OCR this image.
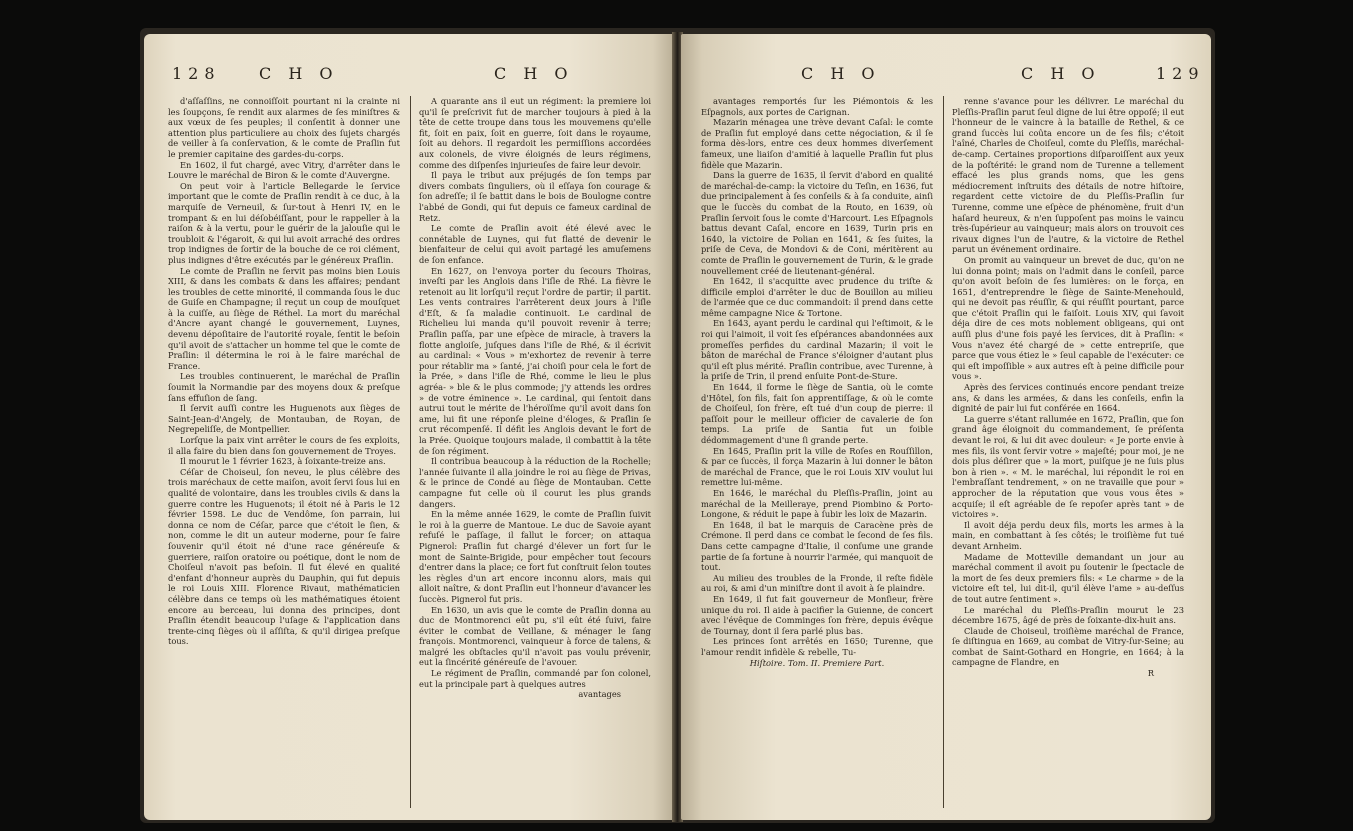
128 C H O	C H O

d'aſſaſſins, ne connoiſſoit pourtant ni la crainte ni les ſoupçons, ſe rendit aux alarmes de ſes miniſtres & aux vœux de ſes peuples; il conſentit à donner une attention plus particuliere au choix des ſujets chargés de veiller à ſa conſervation, & le comte de Praſlin fut le premier capitaine des gardes-du-corps.

En 1602, il fut chargé, avec Vitry, d'arrêter dans le Louvre le maréchal de Biron & le comte d'Auvergne.

On peut voir à l'article Bellegarde le ſervice important que le comte de Praſlin rendit à ce duc, à la marquiſe de Verneuil, & ſur-tout à Henri IV, en le trompant & en lui déſobéiſſant, pour le rappeller à la raiſon & à la vertu, pour le guérir de la jalouſie qui le troubloit & l'égaroit, & qui lui avoit arraché des ordres trop indignes de ſortir de la bouche de ce roi clément, plus indignes d'être exécutés par le généreux Praſlin.

Le comte de Praſlin ne ſervit pas moins bien Louis XIII, & dans les combats & dans les affaires; pendant les troubles de cette minorité, il commanda ſous le duc de Guiſe en Champagne; il reçut un coup de mouſquet à la cuiſſe, au ſiège de Réthel. La mort du maréchal d'Ancre ayant changé le gouvernement, Luynes, devenu dépoſitaire de l'autorité royale, ſentit le beſoin qu'il avoit de s'attacher un homme tel que le comte de Praſlin: il détermina le roi à le faire maréchal de France.

Les troubles continuerent, le maréchal de Praſlin ſoumit la Normandie par des moyens doux & preſque ſans effuſion de ſang.

Il ſervit auſſi contre les Huguenots aux ſièges de Saint-Jean-d'Angely, de Montauban, de Royan, de Negrepeliſſe, de Montpellier.

Lorſque la paix vint arrêter le cours de ſes exploits, il alla faire du bien dans ſon gouvernement de Troyes.

Il mourut le 1 février 1623, à ſoixante-treize ans.

Céſar de Choiseul, ſon neveu, le plus célèbre des trois maréchaux de cette maiſon, avoit ſervi ſous lui en qualité de volontaire, dans les troubles civils & dans la guerre contre les Huguenots; il étoit né à Paris le 12 février 1598. Le duc de Vendôme, ſon parrain, lui donna ce nom de Céſar, parce que c'étoit le ſien, & non, comme le dit un auteur moderne, pour ſe faire ſouvenir qu'il étoit né d'une race généreuſe & guerriere, raiſon oratoire ou poétique, dont le nom de Choiſeul n'avoit pas beſoin. Il fut élevé en qualité d'enfant d'honneur auprès du Dauphin, qui fut depuis le roi Louis XIII. Florence Rivaut, mathématicien célèbre dans ce temps où les mathématiques étoient encore au berceau, lui donna des principes, dont Praſlin étendit beaucoup l'uſage & l'application dans trente-cinq ſièges où il aſſiſta, & qu'il dirigea preſque tous.

A quarante ans il eut un régiment: la premiere loi qu'il ſe preſcrivit fut de marcher toujours à pied à la tête de cette troupe dans tous les mouvemens qu'elle fit, ſoit en paix, ſoit en guerre, ſoit dans le royaume, ſoit au dehors. Il regardoit les permiſſions accordées aux colonels, de vivre éloignés de leurs régimens, comme des diſpenſes injurieuſes de faire leur devoir.

Il paya le tribut aux préjugés de ſon temps par divers combats ſinguliers, où il eſſaya ſon courage & ſon adreſſe; il ſe battit dans le bois de Boulogne contre l'abbé de Gondi, qui fut depuis ce fameux cardinal de Retz.

Le comte de Praſlin avoit été élevé avec le connétable de Luynes, qui fut flatté de devenir le bienfaiteur de celui qui avoit partagé les amuſemens de ſon enfance.

En 1627, on l'envoya porter du ſecours Thoiras, inveſti par les Anglois dans l'iſle de Rhé. La fièvre le retenoit au lit lorſqu'il reçut l'ordre de partir; il partit. Les vents contraires l'arrêterent deux jours à l'iſle d'Eſt, & ſa maladie continuoit. Le cardinal de Richelieu lui manda qu'il pouvoit revenir à terre; Praſlin paſſa, par une eſpèce de miracle, à travers la flotte angloiſe, juſques dans l'iſle de Rhé, & il écrivit au cardinal: « Vous » m'exhortez de revenir à terre pour rétablir ma » ſanté, j'ai choiſi pour cela le fort de la Prée, » dans l'iſle de Rhé, comme le lieu le plus agréa- » ble & le plus commode; j'y attends les ordres » de votre éminence ». Le cardinal, qui ſentoit dans autrui tout le mérite de l'héroïſme qu'il avoit dans ſon ame, lui fit une réponſe pleine d'éloges, & Praſlin ſe crut récompenſé. Il défit les Anglois devant le fort de la Prée. Quoique toujours malade, il combattit à la tête de ſon régiment.

Il contribua beaucoup à la réduction de la Rochelle; l'année ſuivante il alla joindre le roi au ſiège de Privas, & le prince de Condé au ſiège de Montauban. Cette campagne fut celle où il courut les plus grands dangers.

En la même année 1629, le comte de Praſlin ſuivit le roi à la guerre de Mantoue. Le duc de Savoie ayant refuſé le paſſage, il fallut le forcer; on attaqua Pignerol: Praſlin fut chargé d'élever un fort ſur le mont de Sainte-Brigide, pour empêcher tout ſecours d'entrer dans la place; ce fort fut conſtruit ſelon toutes les règles d'un art encore inconnu alors, mais qui alloit naître, & dont Praſlin eut l'honneur d'avancer les ſuccès. Pignerol fut pris.

En 1630, un avis que le comte de Praſlin donna au duc de Montmorenci eût pu, s'il eût été ſuivi, faire éviter le combat de Veillane, & ménager le ſang françois. Montmorenci, vainqueur à force de talens, & malgré les obſtacles qu'il n'avoit pas voulu prévenir, eut la ſincérité généreuſe de l'avouer.

Le régiment de Praſlin, commandé par ſon colonel, eut la principale part à quelques autres

avantages

C H O	C H O	129

avantages remportés ſur les Piémontois & les Eſpagnols, aux portes de Carignan.

Mazarin ménagea une trève devant Caſal: le comte de Praſlin fut employé dans cette négociation, & il ſe forma dès-lors, entre ces deux hommes diverſement fameux, une liaiſon d'amitié à laquelle Praſlin fut plus fidèle que Mazarin.

Dans la guerre de 1635, il ſervit d'abord en qualité de maréchal-de-camp: la victoire du Teſin, en 1636, fut due principalement à ſes conſeils & à ſa conduite, ainſi que le ſuccès du combat de la Routo, en 1639, où Praſlin ſervoit ſous le comte d'Harcourt. Les Eſpagnols battus devant Caſal, encore en 1639, Turin pris en 1640, la victoire de Polian en 1641, & ſes ſuites, la priſe de Ceva, de Mondovi & de Coni, méritèrent au comte de Praſlin le gouvernement de Turin, & le grade nouvellement créé de lieutenant-général.

En 1642, il s'acquitte avec prudence du triſte & difficile emploi d'arrêter le duc de Bouillon au milieu de l'armée que ce duc commandoit: il prend dans cette même campagne Nice & Tortone.

En 1643, ayant perdu le cardinal qui l'eſtimoit, & le roi qui l'aimoit, il voit ſes eſpérances abandonnées aux promeſſes perfides du cardinal Mazarin; il voit le bâton de maréchal de France s'éloigner d'autant plus qu'il eſt plus mérité. Praſlin contribue, avec Turenne, à la priſe de Trin, il prend enſuite Pont-de-Sture.

En 1644, il forme le ſiège de Santia, où le comte d'Hôtel, ſon fils, fait ſon apprentiſſage, & où le comte de Choiſeul, ſon frère, eſt tué d'un coup de pierre: il paſſoit pour le meilleur officier de cavalerie de ſon temps. La priſe de Santia fut un foible dédommagement d'une ſi grande perte.

En 1645, Praſlin prit la ville de Roſes en Rouſſillon, & par ce ſuccès, il força Mazarin à lui donner le bâton de maréchal de France, que le roi Louis XIV voulut lui remettre lui-même.

En 1646, le maréchal du Pleſſis-Praſlin, joint au maréchal de la Meilleraye, prend Piombino & Porto-Longone, & réduit le pape à ſubir les loix de Mazarin.

En 1648, il bat le marquis de Caracène près de Crémone. Il perd dans ce combat le ſecond de ſes fils. Dans cette campagne d'Italie, il conſume une grande partie de ſa fortune à nourrir l'armée, qui manquoit de tout.

Au milieu des troubles de la Fronde, il reſte fidèle au roi, & ami d'un miniſtre dont il avoit à ſe plaindre.

En 1649, il fut fait gouverneur de Monſieur, frère unique du roi. Il aide à pacifier la Guienne, de concert avec l'évêque de Comminges ſon frère, depuis évêque de Tournay, dont il ſera parlé plus bas.

Les princes ſont arrêtés en 1650; Turenne, que l'amour rendit infidèle & rebelle, Tu-

Hiſtoire. Tom. II. Premiere Part.

renne s'avance pour les délivrer. Le maréchal du Pleſſis-Praſlin parut ſeul digne de lui être oppoſé; il eut l'honneur de le vaincre à la bataille de Rethel, & ce grand ſuccès lui coûta encore un de ſes fils; c'étoit l'aîné, Charles de Choiſeul, comte du Pleſſis, maréchal-de-camp. Certaines proportions diſparoiſſent aux yeux de la poſtérité: le grand nom de Turenne a tellement effacé les plus grands noms, que les gens médiocrement inſtruits des détails de notre hiſtoire, regardent cette victoire de du Pleſſis-Praſlin ſur Turenne, comme une eſpèce de phénomène, fruit d'un haſard heureux, & n'en ſuppoſent pas moins le vaincu très-ſupérieur au vainqueur; mais alors on trouvoit ces rivaux dignes l'un de l'autre, & la victoire de Rethel parut un événement ordinaire.

On promit au vainqueur un brevet de duc, qu'on ne lui donna point; mais on l'admit dans le conſeil, parce qu'on avoit beſoin de ſes lumières: on le força, en 1651, d'entreprendre le ſiège de Sainte-Menehould, qui ne devoit pas réuſſir, & qui réuſſit pourtant, parce que c'étoit Praſlin qui le faiſoit. Louis XIV, qui ſavoit déja dire de ces mots noblement obligeans, qui ont auſſi plus d'une fois payé les ſervices, dit à Praſlin: « Vous n'avez été chargé de » cette entrepriſe, que parce que vous étiez le » ſeul capable de l'exécuter: ce qui eſt impoſſible » aux autres eſt à peine difficile pour vous ».

Après des ſervices continués encore pendant treize ans, & dans les armées, & dans les conſeils, enfin la dignité de pair lui fut conférée en 1664.

La guerre s'étant rallumée en 1672, Praſlin, que ſon grand âge éloignoit du commandement, ſe préſenta devant le roi, & lui dit avec douleur: « Je porte envie à mes fils, ils vont ſervir votre » majeſté; pour moi, je ne dois plus déſirer que » la mort, puiſque je ne ſuis plus bon à rien ». « M. le maréchal, lui répondit le roi en l'embraſſant tendrement, » on ne travaille que pour » approcher de la réputation que vous vous êtes » acquiſe; il eſt agréable de ſe repoſer après tant » de victoires ».

Il avoit déja perdu deux fils, morts les armes à la main, en combattant à ſes côtés; le troiſième fut tué devant Arnheim.

Madame de Motteville demandant un jour au maréchal comment il avoit pu ſoutenir le ſpectacle de la mort de ſes deux premiers fils: « Le charme » de la victoire eſt tel, lui dit-il, qu'il élève l'ame » au-deſſus de tout autre ſentiment ».

Le maréchal du Pleſſis-Praſlin mourut le 23 décembre 1675, âgé de près de ſoixante-dix-huit ans.

Claude de Choiseul, troiſième maréchal de France, ſe diſtingua en 1669, au combat de Vitry-ſur-Seine; au combat de Saint-Gothard en Hongrie, en 1664; à la campagne de Flandre, en

R
